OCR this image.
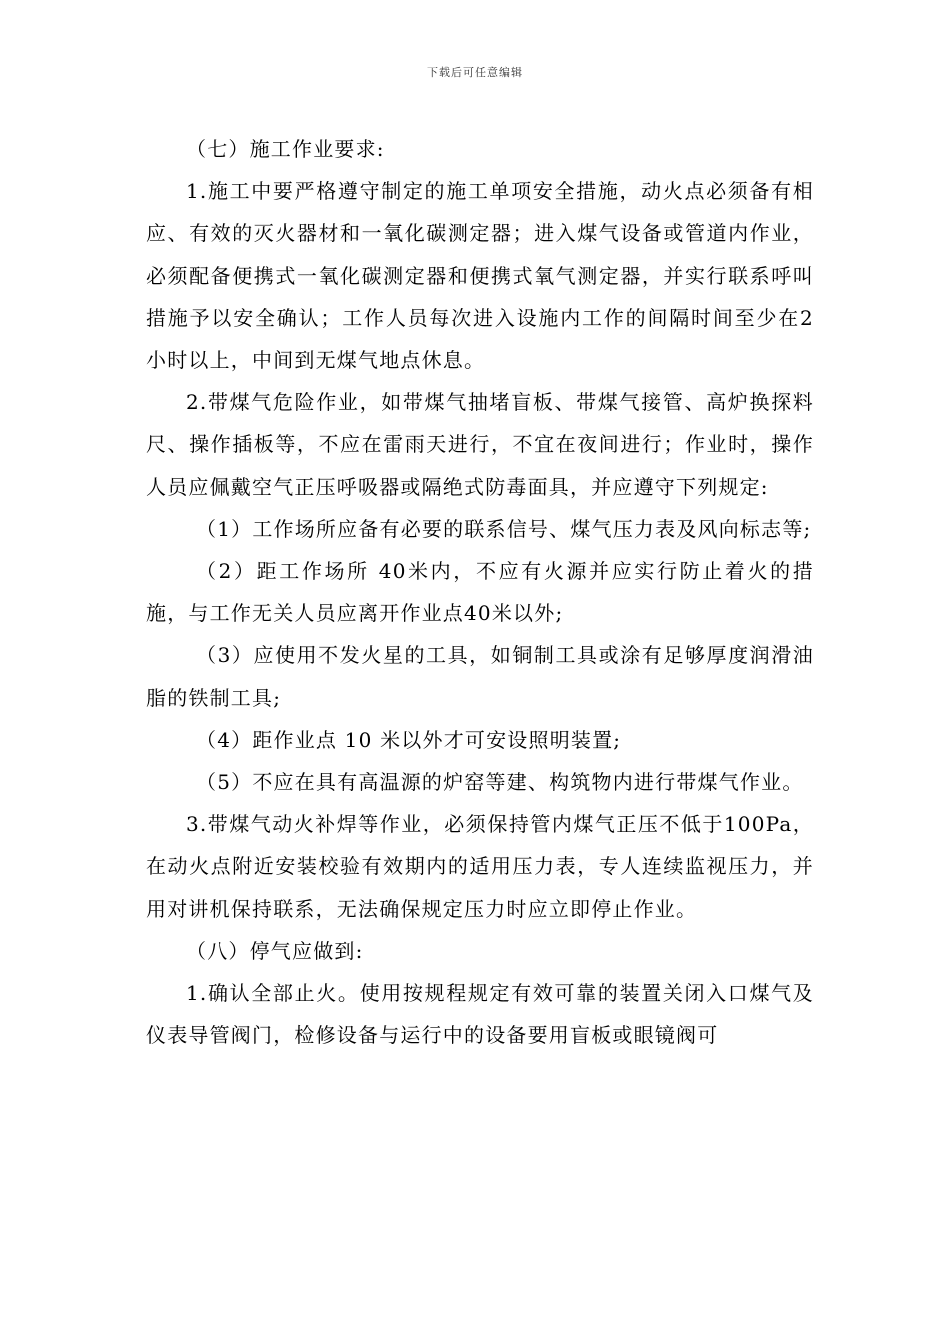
下载后可任意编辑

（七）施工作业要求:

1.施工中要严格遵守制定的施工单项安全措施，动火点必须备有相应、有效的灭火器材和一氧化碳测定器；进入煤气设备或管道内作业，必须配备便携式一氧化碳测定器和便携式氧气测定器，并实行联系呼叫措施予以安全确认；工作人员每次进入设施内工作的间隔时间至少在2小时以上，中间到无煤气地点休息。

2.带煤气危险作业，如带煤气抽堵盲板、带煤气接管、高炉换探料尺、操作插板等，不应在雷雨天进行，不宜在夜间进行；作业时，操作人员应佩戴空气正压呼吸器或隔绝式防毒面具，并应遵守下列规定:

（1）工作场所应备有必要的联系信号、煤气压力表及风向标志等;

（2）距工作场所 40米内，不应有火源并应实行防止着火的措施，与工作无关人员应离开作业点40米以外;

（3）应使用不发火星的工具，如铜制工具或涂有足够厚度润滑油脂的铁制工具;

（4）距作业点 10 米以外才可安设照明装置;

（5）不应在具有高温源的炉窑等建、构筑物内进行带煤气作业。

3.带煤气动火补焊等作业，必须保持管内煤气正压不低于100Pa，在动火点附近安装校验有效期内的适用压力表，专人连续监视压力，并用对讲机保持联系，无法确保规定压力时应立即停止作业。

（八）停气应做到:

1.确认全部止火。使用按规程规定有效可靠的装置关闭入口煤气及仪表导管阀门，检修设备与运行中的设备要用盲板或眼镜阀可
